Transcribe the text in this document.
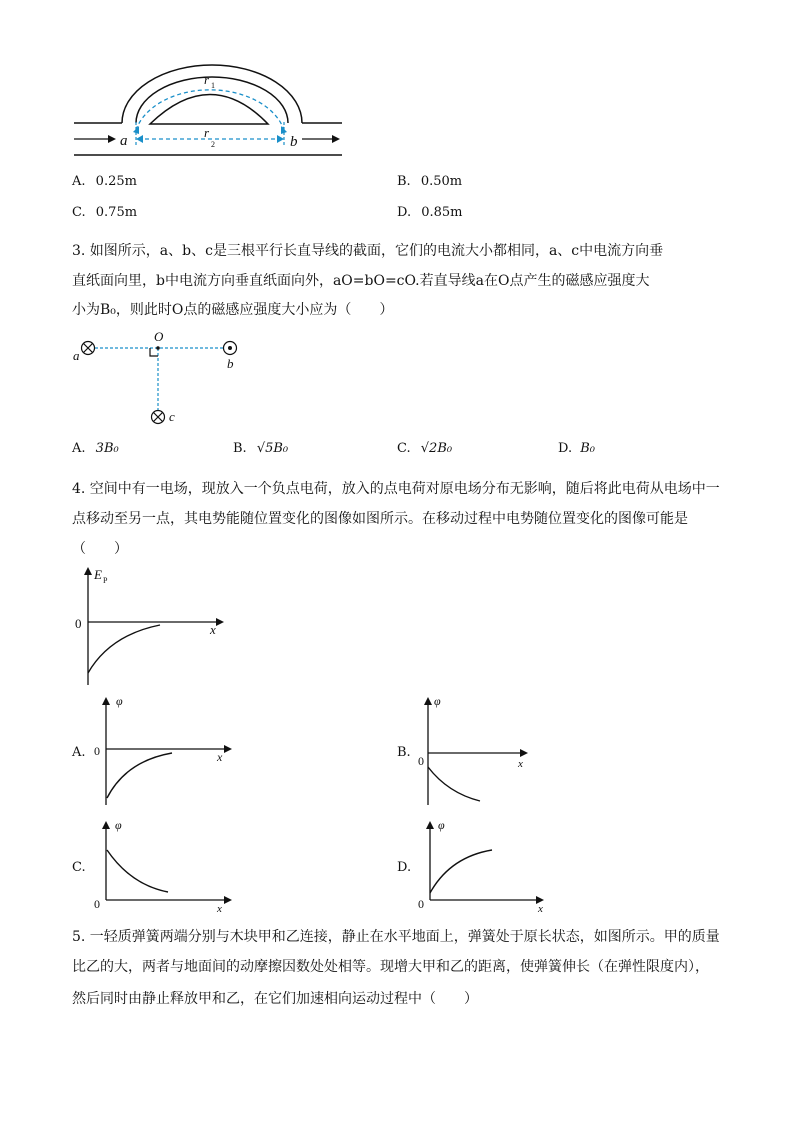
r 1
r
2
a	b
A. 0.25m	B. 0.50m
C. 0.75m	D. 0.85m
3. 如图所示，a、b、c是三根平行长直导线的截面，它们的电流大小都相同，a、c中电流方向垂
直纸面向里，b中电流方向垂直纸面向外，aO=bO=cO.若直导线a在O点产生的磁感应强度大
小为B₀，则此时O点的磁感应强度大小应为（　　）
a
b
c
O
A. 3B₀	B. √5B₀	C. √2B₀	D. B₀
4. 空间中有一电场，现放入一个负点电荷，放入的点电荷对原电场分布无影响，随后将此电荷从电场中一
点移动至另一点，其电势能随位置变化的图像如图所示。在移动过程中电势随位置变化的图像可能是
（　　）
E P
0	x
A.
φ
0	x	B.
φ
0	x
C.
φ
0	x
D.
φ
0	x
5. 一轻质弹簧两端分别与木块甲和乙连接，静止在水平地面上，弹簧处于原长状态，如图所示。甲的质量
比乙的大，两者与地面间的动摩擦因数处处相等。现增大甲和乙的距离，使弹簧伸长（在弹性限度内），
然后同时由静止释放甲和乙，在它们加速相向运动过程中（　　）
